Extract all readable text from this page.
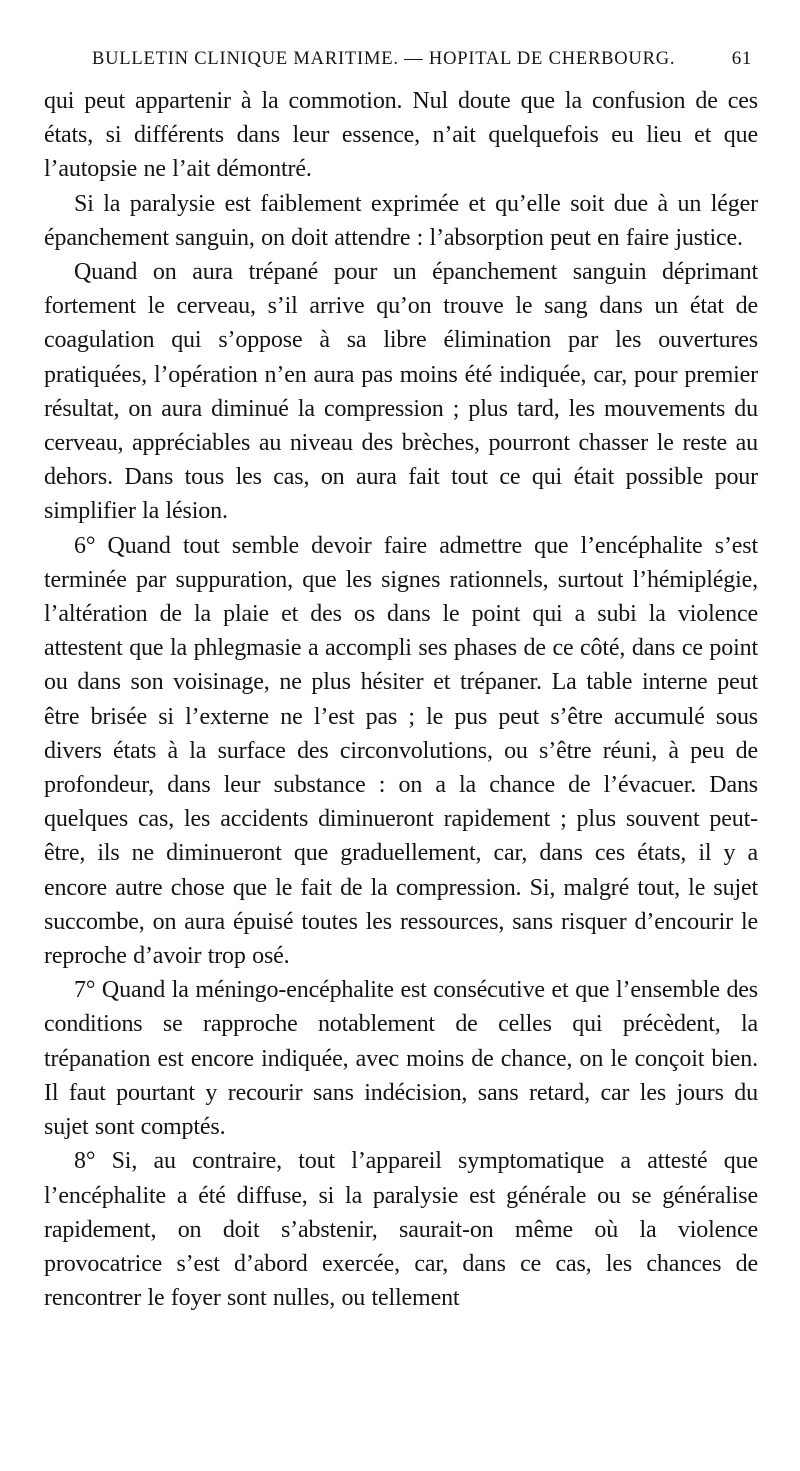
BULLETIN CLINIQUE MARITIME. — HOPITAL DE CHERBOURG.	61

qui peut appartenir à la commotion. Nul doute que la confusion de ces états, si différents dans leur essence, n’ait quelquefois eu lieu et que l’autopsie ne l’ait démontré.

Si la paralysie est faiblement exprimée et qu’elle soit due à un léger épanchement sanguin, on doit attendre : l’absorption peut en faire justice.

Quand on aura trépané pour un épanchement sanguin déprimant fortement le cerveau, s’il arrive qu’on trouve le sang dans un état de coagulation qui s’oppose à sa libre élimination par les ouvertures pratiquées, l’opération n’en aura pas moins été indiquée, car, pour premier résultat, on aura diminué la compression ; plus tard, les mouvements du cerveau, appréciables au niveau des brèches, pourront chasser le reste au dehors. Dans tous les cas, on aura fait tout ce qui était possible pour simplifier la lésion.

6° Quand tout semble devoir faire admettre que l’encéphalite s’est terminée par suppuration, que les signes rationnels, surtout l’hémiplégie, l’altération de la plaie et des os dans le point qui a subi la violence attestent que la phlegmasie a accompli ses phases de ce côté, dans ce point ou dans son voisinage, ne plus hésiter et trépaner. La table interne peut être brisée si l’externe ne l’est pas ; le pus peut s’être accumulé sous divers états à la surface des circonvolutions, ou s’être réuni, à peu de profondeur, dans leur substance : on a la chance de l’évacuer. Dans quelques cas, les accidents diminueront rapidement ; plus souvent peut-être, ils ne diminueront que graduellement, car, dans ces états, il y a encore autre chose que le fait de la compression. Si, malgré tout, le sujet succombe, on aura épuisé toutes les ressources, sans risquer d’encourir le reproche d’avoir trop osé.

7° Quand la méningo-encéphalite est consécutive et que l’ensemble des conditions se rapproche notablement de celles qui précèdent, la trépanation est encore indiquée, avec moins de chance, on le conçoit bien. Il faut pourtant y recourir sans indécision, sans retard, car les jours du sujet sont comptés.

8° Si, au contraire, tout l’appareil symptomatique a attesté que l’encéphalite a été diffuse, si la paralysie est générale ou se généralise rapidement, on doit s’abstenir, saurait-on même où la violence provocatrice s’est d’abord exercée, car, dans ce cas, les chances de rencontrer le foyer sont nulles, ou tellement
